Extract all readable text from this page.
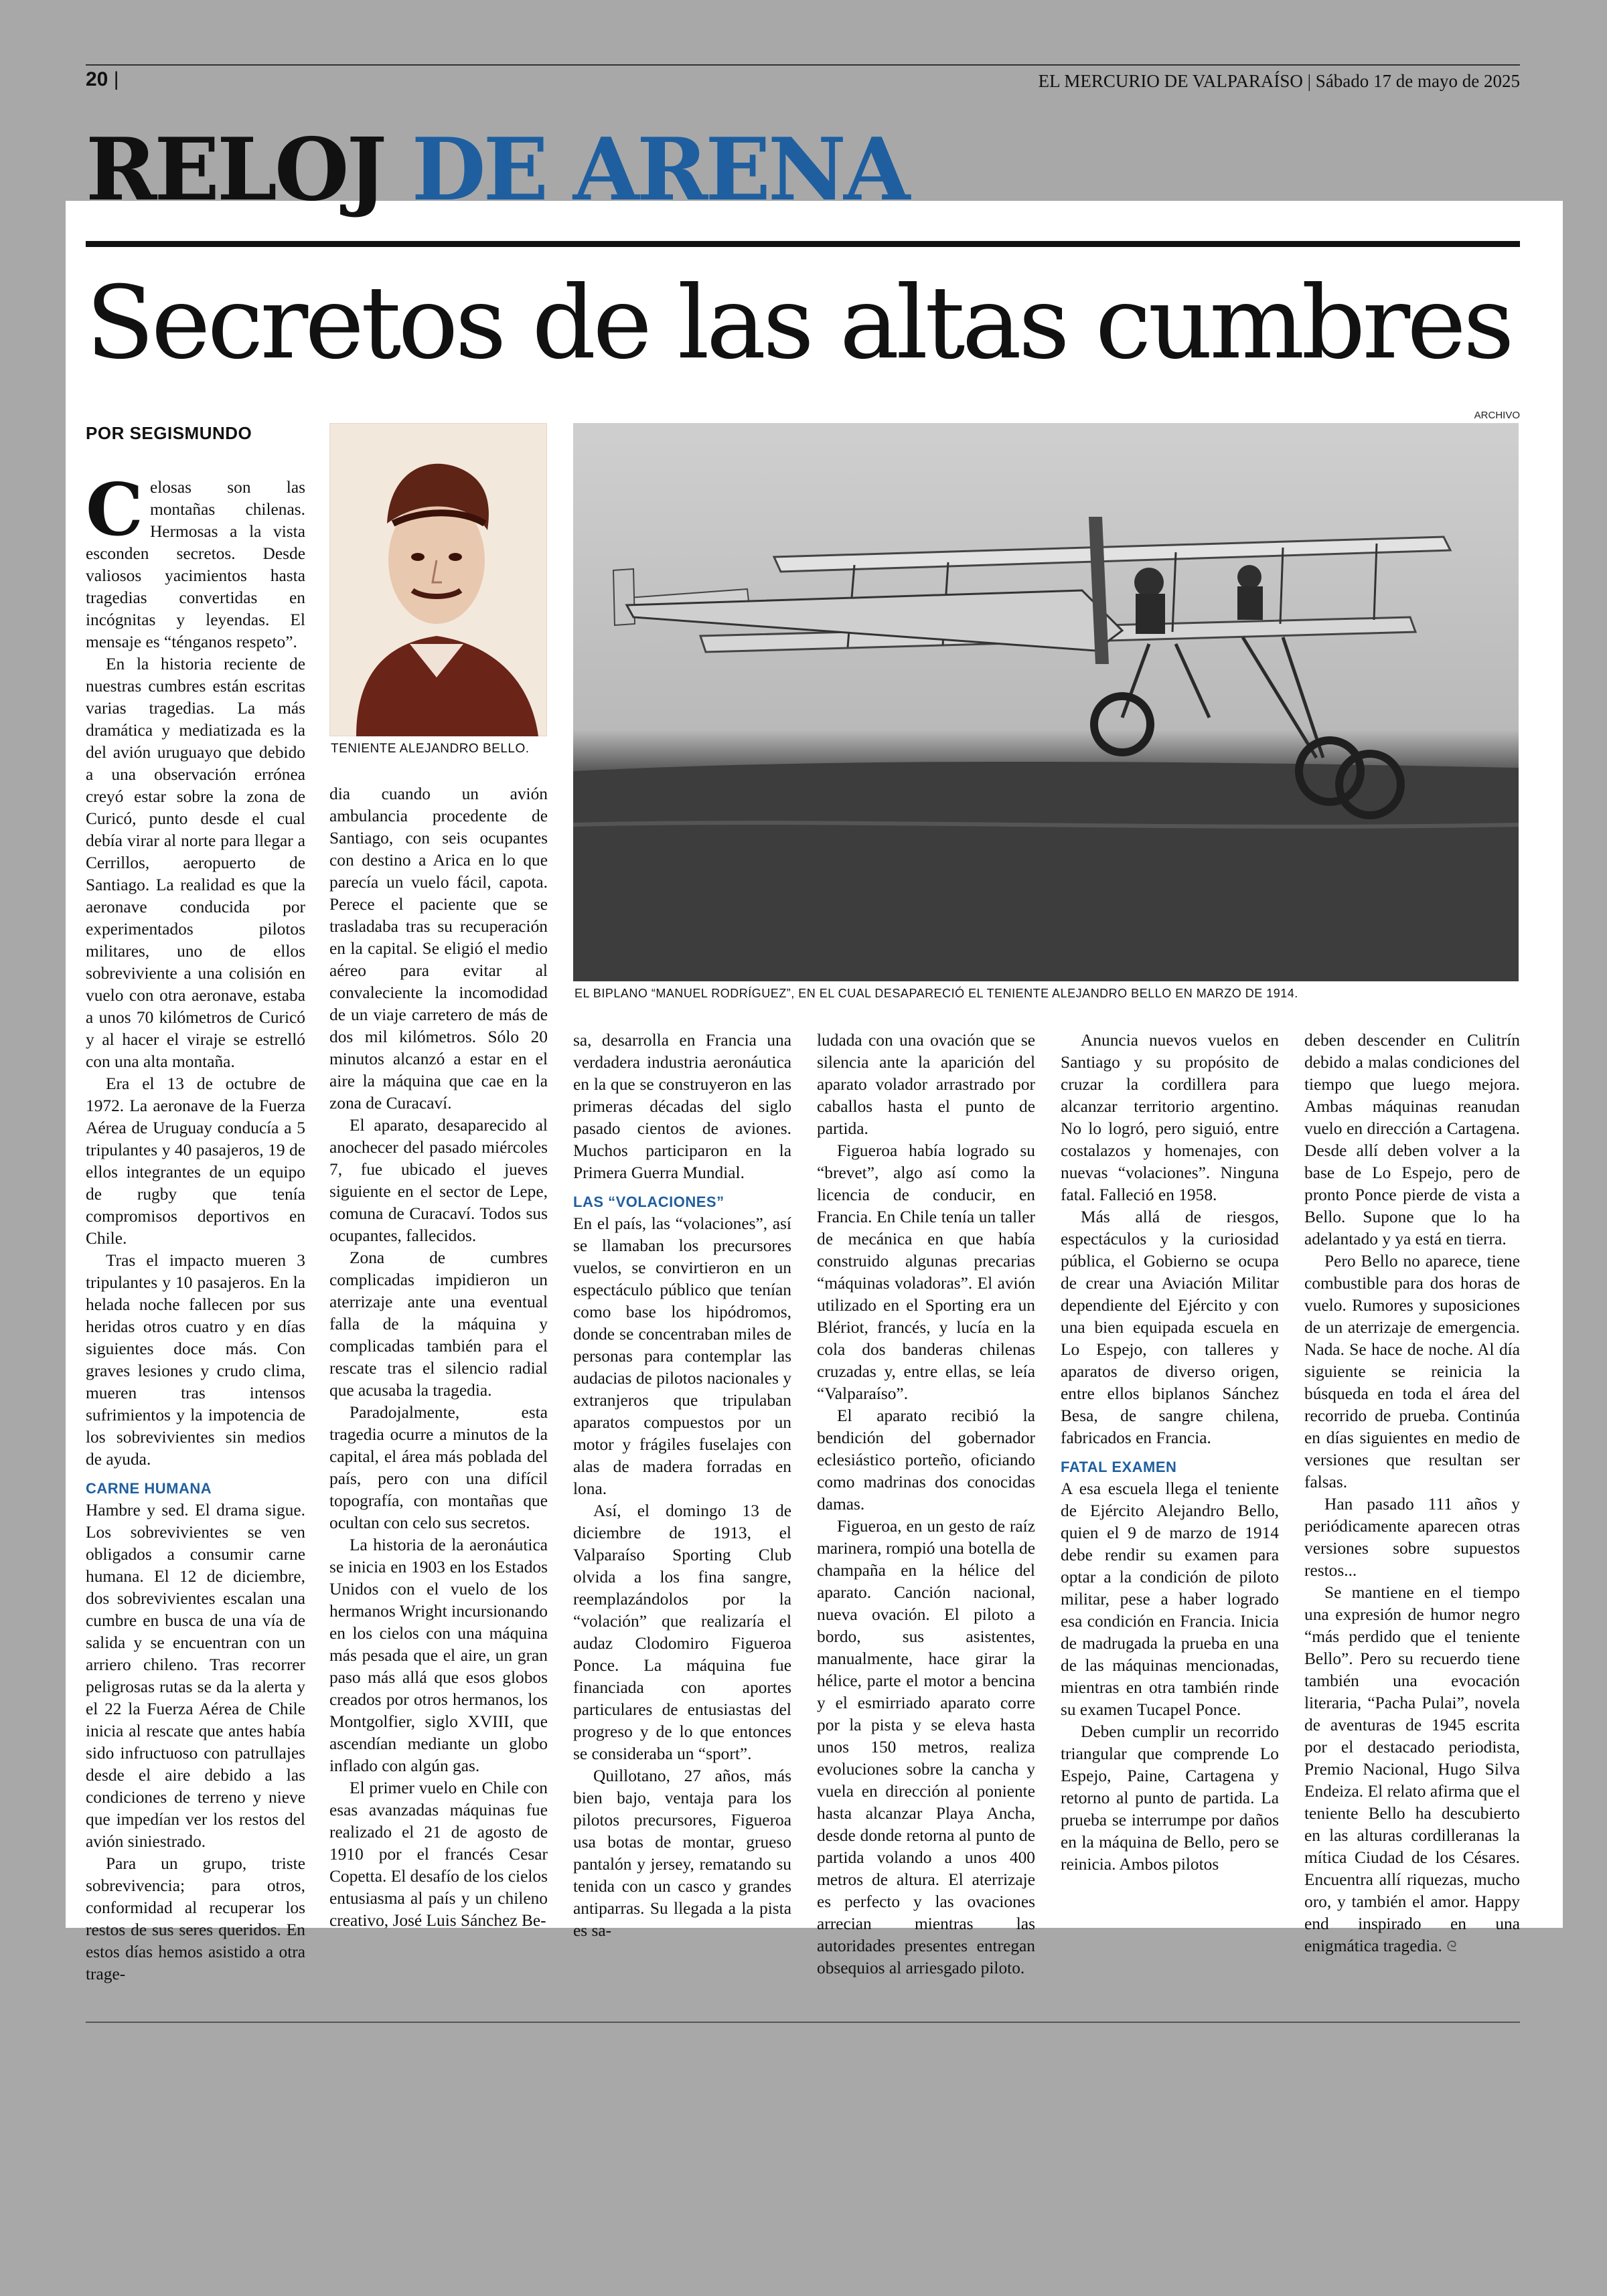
20 |	EL MERCURIO DE VALPARAÍSO | Sábado 17 de mayo de 2025
RELOJ DE ARENA
Secretos de las altas cumbres
POR SEGISMUNDO
ARCHIVO
TENIENTE ALEJANDRO BELLO.
EL BIPLANO “MANUEL RODRÍGUEZ”, EN EL CUAL DESAPARECIÓ EL TENIENTE ALEJANDRO BELLO EN MARZO DE 1914.

Celosas son las montañas chilenas. Hermosas a la vista esconden secretos. Desde valiosos yacimientos hasta tragedias convertidas en incógnitas y leyendas. El mensaje es “ténganos respeto”.

En la historia reciente de nuestras cumbres están escritas varias tragedias. La más dramática y mediatizada es la del avión uruguayo que debido a una observación errónea creyó estar sobre la zona de Curicó, punto desde el cual debía virar al norte para llegar a Cerrillos, aeropuerto de Santiago. La realidad es que la aeronave conducida por experimentados pilotos militares, uno de ellos sobreviviente a una colisión en vuelo con otra aeronave, estaba a unos 70 kilómetros de Curicó y al hacer el viraje se estrelló con una alta montaña.

Era el 13 de octubre de 1972. La aeronave de la Fuerza Aérea de Uruguay conducía a 5 tripulantes y 40 pasajeros, 19 de ellos integrantes de un equipo de rugby que tenía compromisos deportivos en Chile.

Tras el impacto mueren 3 tripulantes y 10 pasajeros. En la helada noche fallecen por sus heridas otros cuatro y en días siguientes doce más. Con graves lesiones y crudo clima, mueren tras intensos sufrimientos y la impotencia de los sobrevivientes sin medios de ayuda.

CARNE HUMANA

Hambre y sed. El drama sigue. Los sobrevivientes se ven obligados a consumir carne humana. El 12 de diciembre, dos sobrevivientes escalan una cumbre en busca de una vía de salida y se encuentran con un arriero chileno. Tras recorrer peligrosas rutas se da la alerta y el 22 la Fuerza Aérea de Chile inicia al rescate que antes había sido infructuoso con patrullajes desde el aire debido a las condiciones de terreno y nieve que impedían ver los restos del avión siniestrado.

Para un grupo, triste sobrevivencia; para otros, conformidad al recuperar los restos de sus seres queridos. En estos días hemos asistido a otra trage-

dia cuando un avión ambulancia procedente de Santiago, con seis ocupantes con destino a Arica en lo que parecía un vuelo fácil, capota. Perece el paciente que se trasladaba tras su recuperación en la capital. Se eligió el medio aéreo para evitar al convaleciente la incomodidad de un viaje carretero de más de dos mil kilómetros. Sólo 20 minutos alcanzó a estar en el aire la máquina que cae en la zona de Curacaví.

El aparato, desaparecido al anochecer del pasado miércoles 7, fue ubicado el jueves siguiente en el sector de Lepe, comuna de Curacaví. Todos sus ocupantes, fallecidos.

Zona de cumbres complicadas impidieron un aterrizaje ante una eventual falla de la máquina y complicadas también para el rescate tras el silencio radial que acusaba la tragedia.

Paradojalmente, esta tragedia ocurre a minutos de la capital, el área más poblada del país, pero con una difícil topografía, con montañas que ocultan con celo sus secretos.

La historia de la aeronáutica se inicia en 1903 en los Estados Unidos con el vuelo de los hermanos Wright incursionando en los cielos con una máquina más pesada que el aire, un gran paso más allá que esos globos creados por otros hermanos, los Montgolfier, siglo XVIII, que ascendían mediante un globo inflado con algún gas.

El primer vuelo en Chile con esas avanzadas máquinas fue realizado el 21 de agosto de 1910 por el francés Cesar Copetta. El desafío de los cielos entusiasma al país y un chileno creativo, José Luis Sánchez Be-

sa, desarrolla en Francia una verdadera industria aeronáutica en la que se construyeron en las primeras décadas del siglo pasado cientos de aviones. Muchos participaron en la Primera Guerra Mundial.

LAS “VOLACIONES”

En el país, las “volaciones”, así se llamaban los precursores vuelos, se convirtieron en un espectáculo público que tenían como base los hipódromos, donde se concentraban miles de personas para contemplar las audacias de pilotos nacionales y extranjeros que tripulaban aparatos compuestos por un motor y frágiles fuselajes con alas de madera forradas en lona.

Así, el domingo 13 de diciembre de 1913, el Valparaíso Sporting Club olvida a los fina sangre, reemplazándolos por la “volación” que realizaría el audaz Clodomiro Figueroa Ponce. La máquina fue financiada con aportes particulares de entusiastas del progreso y de lo que entonces se consideraba un “sport”.

Quillotano, 27 años, más bien bajo, ventaja para los pilotos precursores, Figueroa usa botas de montar, grueso pantalón y jersey, rematando su tenida con un casco y grandes antiparras. Su llegada a la pista es sa-

ludada con una ovación que se silencia ante la aparición del aparato volador arrastrado por caballos hasta el punto de partida.

Figueroa había logrado su “brevet”, algo así como la licencia de conducir, en Francia. En Chile tenía un taller de mecánica en que había construido algunas precarias “máquinas voladoras”. El avión utilizado en el Sporting era un Blériot, francés, y lucía en la cola dos banderas chilenas cruzadas y, entre ellas, se leía “Valparaíso”.

El aparato recibió la bendición del gobernador eclesiástico porteño, oficiando como madrinas dos conocidas damas.

Figueroa, en un gesto de raíz marinera, rompió una botella de champaña en la hélice del aparato. Canción nacional, nueva ovación. El piloto a bordo, sus asistentes, manualmente, hace girar la hélice, parte el motor a bencina y el esmirriado aparato corre por la pista y se eleva hasta unos 150 metros, realiza evoluciones sobre la cancha y vuela en dirección al poniente hasta alcanzar Playa Ancha, desde donde retorna al punto de partida volando a unos 400 metros de altura. El aterrizaje es perfecto y las ovaciones arrecian mientras las autoridades presentes entregan obsequios al arriesgado piloto.

Anuncia nuevos vuelos en Santiago y su propósito de cruzar la cordillera para alcanzar territorio argentino. No lo logró, pero siguió, entre costalazos y homenajes, con nuevas “volaciones”. Ninguna fatal. Falleció en 1958.

Más allá de riesgos, espectáculos y la curiosidad pública, el Gobierno se ocupa de crear una Aviación Militar dependiente del Ejército y con una bien equipada escuela en Lo Espejo, con talleres y aparatos de diverso origen, entre ellos biplanos Sánchez Besa, de sangre chilena, fabricados en Francia.

FATAL EXAMEN

A esa escuela llega el teniente de Ejército Alejandro Bello, quien el 9 de marzo de 1914 debe rendir su examen para optar a la condición de piloto militar, pese a haber logrado esa condición en Francia. Inicia de madrugada la prueba en una de las máquinas mencionadas, mientras en otra también rinde su examen Tucapel Ponce.

Deben cumplir un recorrido triangular que comprende Lo Espejo, Paine, Cartagena y retorno al punto de partida. La prueba se interrumpe por daños en la máquina de Bello, pero se reinicia. Ambos pilotos

deben descender en Culitrín debido a malas condiciones del tiempo que luego mejora. Ambas máquinas reanudan vuelo en dirección a Cartagena. Desde allí deben volver a la base de Lo Espejo, pero de pronto Ponce pierde de vista a Bello. Supone que lo ha adelantado y ya está en tierra.

Pero Bello no aparece, tiene combustible para dos horas de vuelo. Rumores y suposiciones de un aterrizaje de emergencia. Nada. Se hace de noche. Al día siguiente se reinicia la búsqueda en toda el área del recorrido de prueba. Continúa en días siguientes en medio de versiones que resultan ser falsas.

Han pasado 111 años y periódicamente aparecen otras versiones sobre supuestos restos...

Se mantiene en el tiempo una expresión de humor negro “más perdido que el teniente Bello”. Pero su recuerdo tiene también una evocación literaria, “Pacha Pulai”, novela de aventuras de 1945 escrita por el destacado periodista, Premio Nacional, Hugo Silva Endeiza. El relato afirma que el teniente Bello ha descubierto en las alturas cordilleranas la mítica Ciudad de los Césares. Encuentra allí riquezas, mucho oro, y también el amor. Happy end inspirado en una enigmática tragedia. ᘓ
